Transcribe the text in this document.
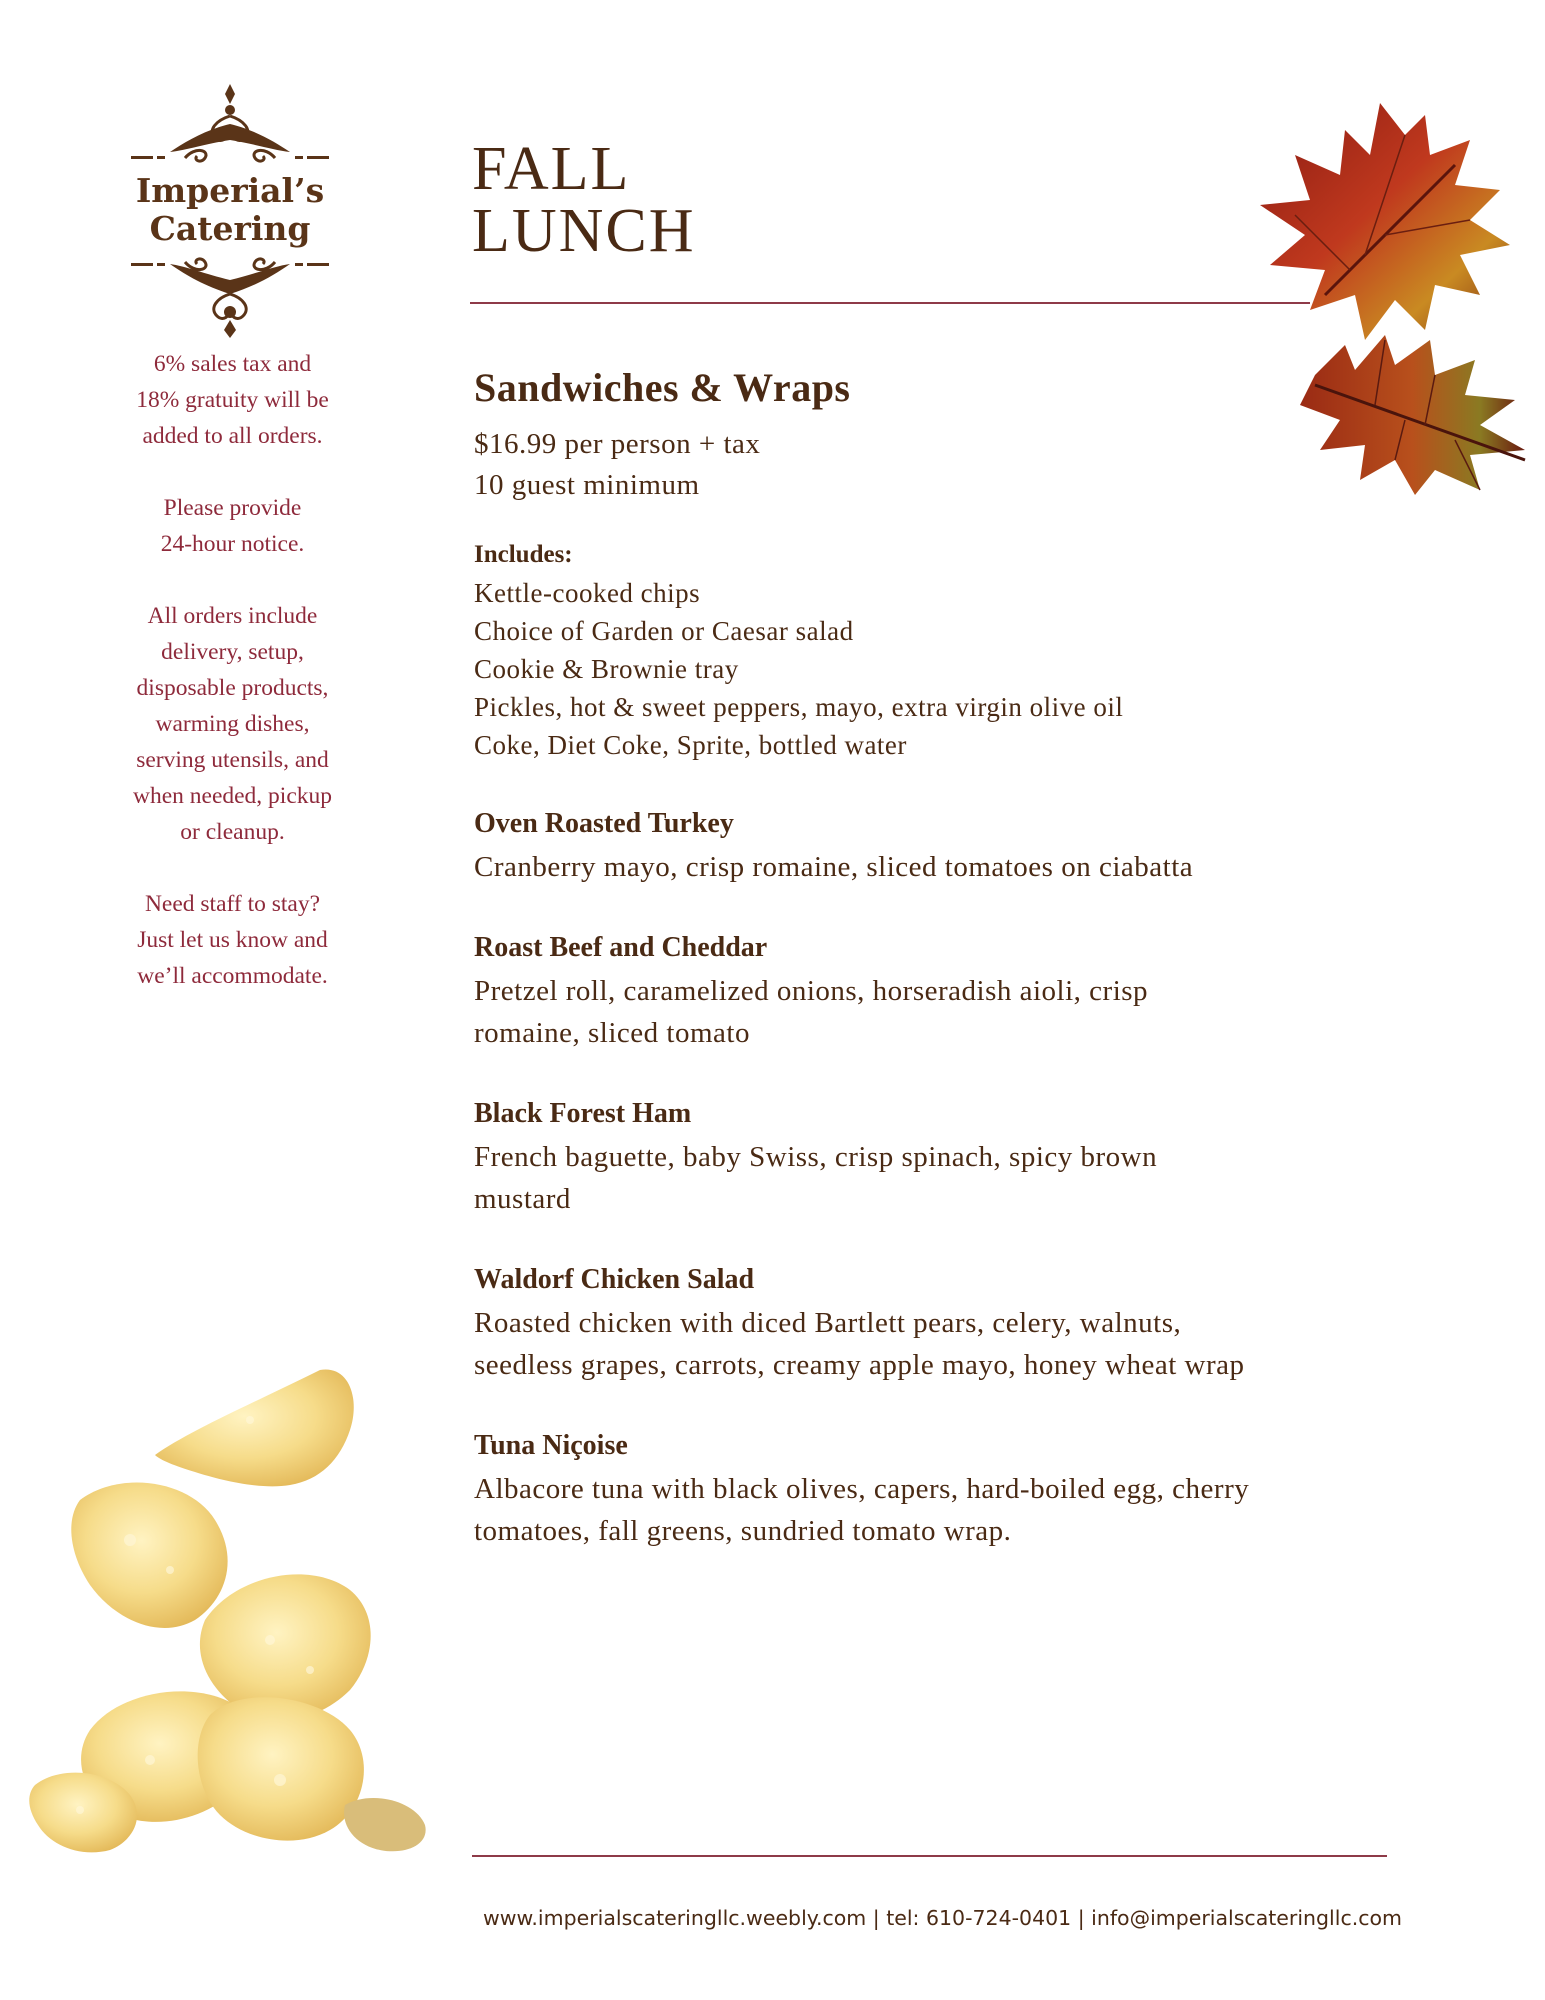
Imperial’s
Catering

6% sales tax and
18% gratuity will be
added to all orders.

Please provide
24-hour notice.

All orders include
delivery, setup,
disposable products,
warming dishes,
serving utensils, and
when needed, pickup
or cleanup.

Need staff to stay?
Just let us know and
we’ll accommodate.

FALL
LUNCH
Sandwiches & Wraps
$16.99 per person + tax
10 guest minimum
Includes:
Kettle-cooked chips
Choice of Garden or Caesar salad
Cookie & Brownie tray
Pickles, hot & sweet peppers, mayo, extra virgin olive oil
Coke, Diet Coke, Sprite, bottled water
Oven Roasted Turkey
Cranberry mayo, crisp romaine, sliced tomatoes on ciabatta
Roast Beef and Cheddar
Pretzel roll, caramelized onions, horseradish aioli, crisp
romaine, sliced tomato
Black Forest Ham
French baguette, baby Swiss, crisp spinach, spicy brown
mustard
Waldorf Chicken Salad
Roasted chicken with diced Bartlett pears, celery, walnuts,
seedless grapes, carrots, creamy apple mayo, honey wheat wrap
Tuna Niçoise
Albacore tuna with black olives, capers, hard-boiled egg, cherry
tomatoes, fall greens, sundried tomato wrap.
www.imperialscateringllc.weebly.com | tel: 610-724-0401 | info@imperialscateringllc.com
